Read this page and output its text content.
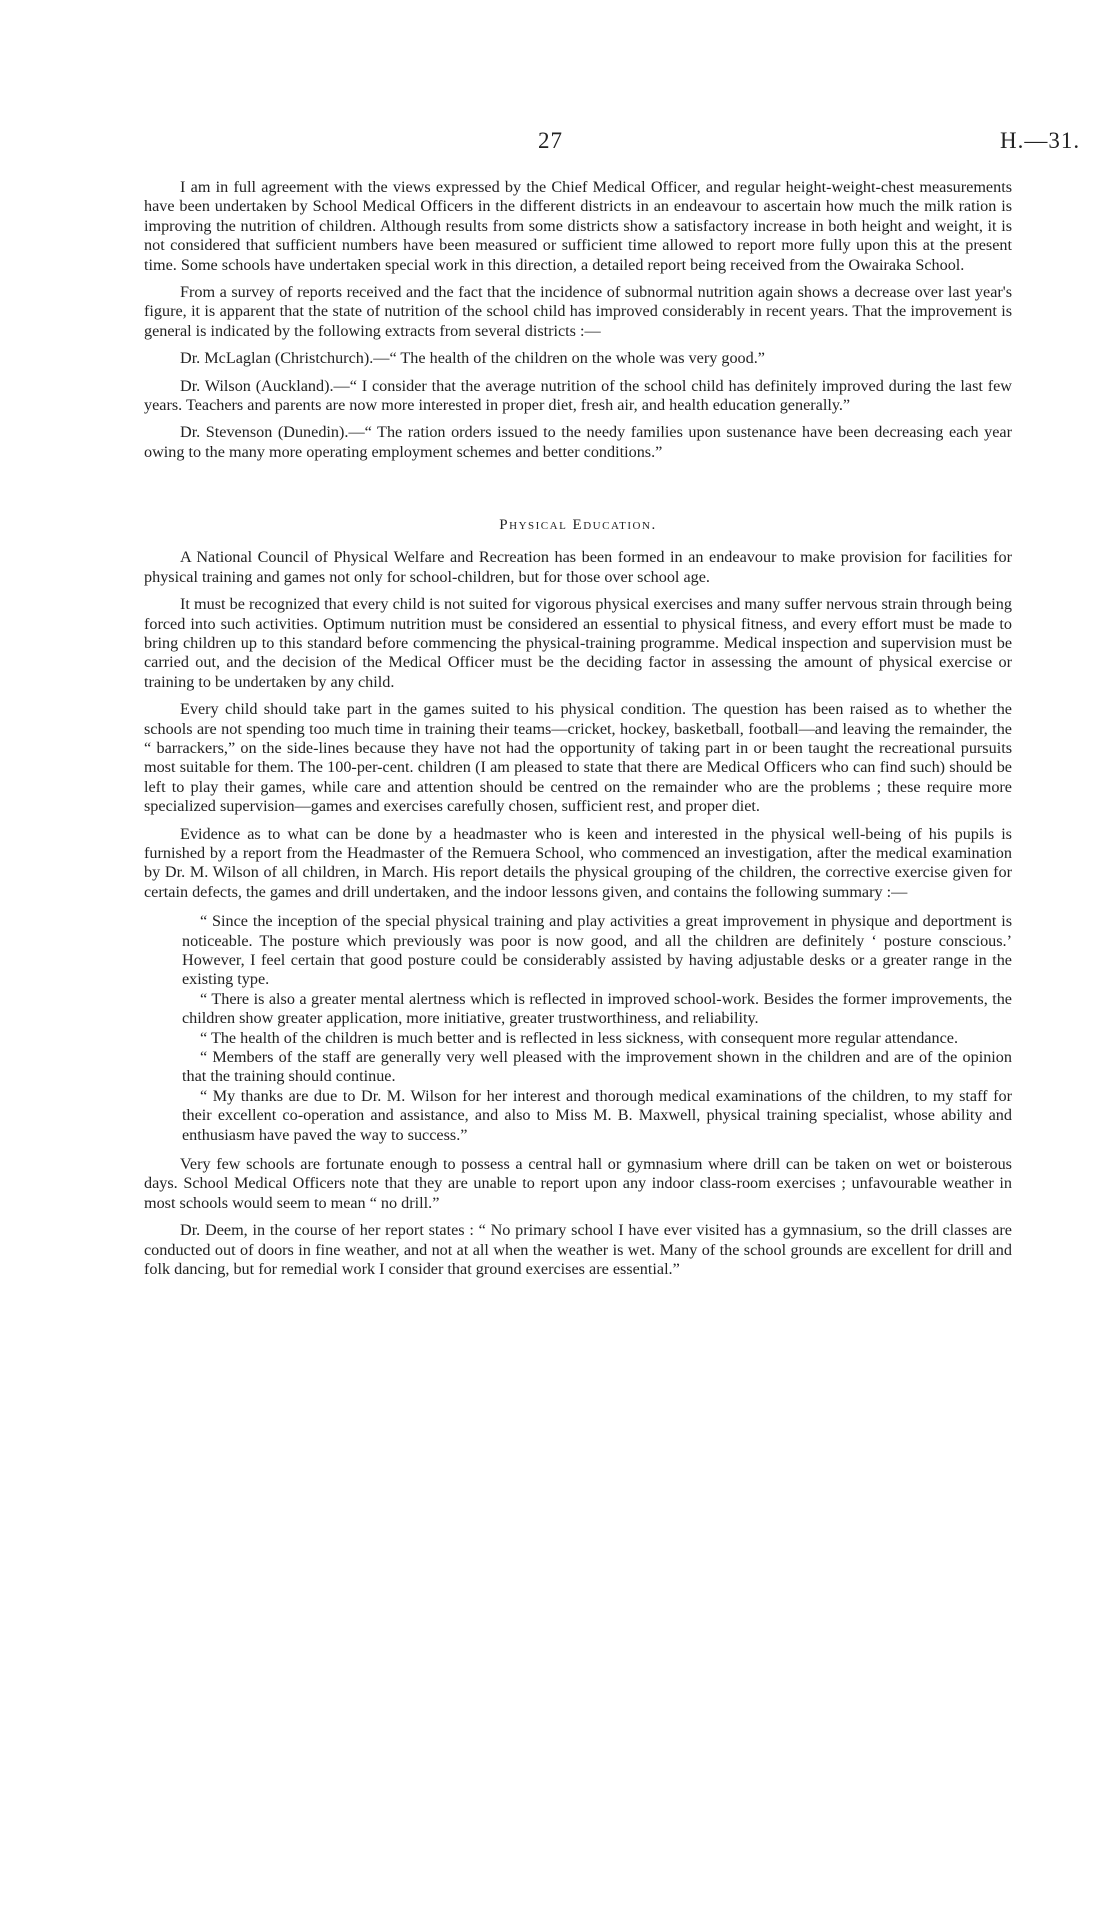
27	H.—31.

I am in full agreement with the views expressed by the Chief Medical Officer, and regular height-weight-chest measurements have been undertaken by School Medical Officers in the different districts in an endeavour to ascertain how much the milk ration is improving the nutrition of children. Although results from some districts show a satisfactory increase in both height and weight, it is not considered that sufficient numbers have been measured or sufficient time allowed to report more fully upon this at the present time. Some schools have undertaken special work in this direction, a detailed report being received from the Owairaka School.

From a survey of reports received and the fact that the incidence of subnormal nutrition again shows a decrease over last year's figure, it is apparent that the state of nutrition of the school child has improved considerably in recent years. That the improvement is general is indicated by the following extracts from several districts :—

Dr. McLaglan (Christchurch).—“ The health of the children on the whole was very good.”

Dr. Wilson (Auckland).—“ I consider that the average nutrition of the school child has definitely improved during the last few years. Teachers and parents are now more interested in proper diet, fresh air, and health education generally.”

Dr. Stevenson (Dunedin).—“ The ration orders issued to the needy families upon sustenance have been decreasing each year owing to the many more operating employment schemes and better conditions.”

Physical Education.

A National Council of Physical Welfare and Recreation has been formed in an endeavour to make provision for facilities for physical training and games not only for school-children, but for those over school age.

It must be recognized that every child is not suited for vigorous physical exercises and many suffer nervous strain through being forced into such activities. Optimum nutrition must be considered an essential to physical fitness, and every effort must be made to bring children up to this standard before commencing the physical-training programme. Medical inspection and supervision must be carried out, and the decision of the Medical Officer must be the deciding factor in assessing the amount of physical exercise or training to be undertaken by any child.

Every child should take part in the games suited to his physical condition. The question has been raised as to whether the schools are not spending too much time in training their teams—cricket, hockey, basketball, football—and leaving the remainder, the “ barrackers,” on the side-lines because they have not had the opportunity of taking part in or been taught the recreational pursuits most suitable for them. The 100-per-cent. children (I am pleased to state that there are Medical Officers who can find such) should be left to play their games, while care and attention should be centred on the remainder who are the problems ; these require more specialized supervision—games and exercises carefully chosen, sufficient rest, and proper diet.

Evidence as to what can be done by a headmaster who is keen and interested in the physical well-being of his pupils is furnished by a report from the Headmaster of the Remuera School, who commenced an investigation, after the medical examination by Dr. M. Wilson of all children, in March. His report details the physical grouping of the children, the corrective exercise given for certain defects, the games and drill undertaken, and the indoor lessons given, and contains the following summary :—

“ Since the inception of the special physical training and play activities a great improvement in physique and deportment is noticeable. The posture which previously was poor is now good, and all the children are definitely ‘ posture conscious.’ However, I feel certain that good posture could be considerably assisted by having adjustable desks or a greater range in the existing type.

“ There is also a greater mental alertness which is reflected in improved school-work. Besides the former improvements, the children show greater application, more initiative, greater trustworthiness, and reliability.

“ The health of the children is much better and is reflected in less sickness, with consequent more regular attendance.

“ Members of the staff are generally very well pleased with the improvement shown in the children and are of the opinion that the training should continue.

“ My thanks are due to Dr. M. Wilson for her interest and thorough medical examinations of the children, to my staff for their excellent co-operation and assistance, and also to Miss M. B. Maxwell, physical training specialist, whose ability and enthusiasm have paved the way to success.”

Very few schools are fortunate enough to possess a central hall or gymnasium where drill can be taken on wet or boisterous days. School Medical Officers note that they are unable to report upon any indoor class-room exercises ; unfavourable weather in most schools would seem to mean “ no drill.”

Dr. Deem, in the course of her report states : “ No primary school I have ever visited has a gymnasium, so the drill classes are conducted out of doors in fine weather, and not at all when the weather is wet. Many of the school grounds are excellent for drill and folk dancing, but for remedial work I consider that ground exercises are essential.”
